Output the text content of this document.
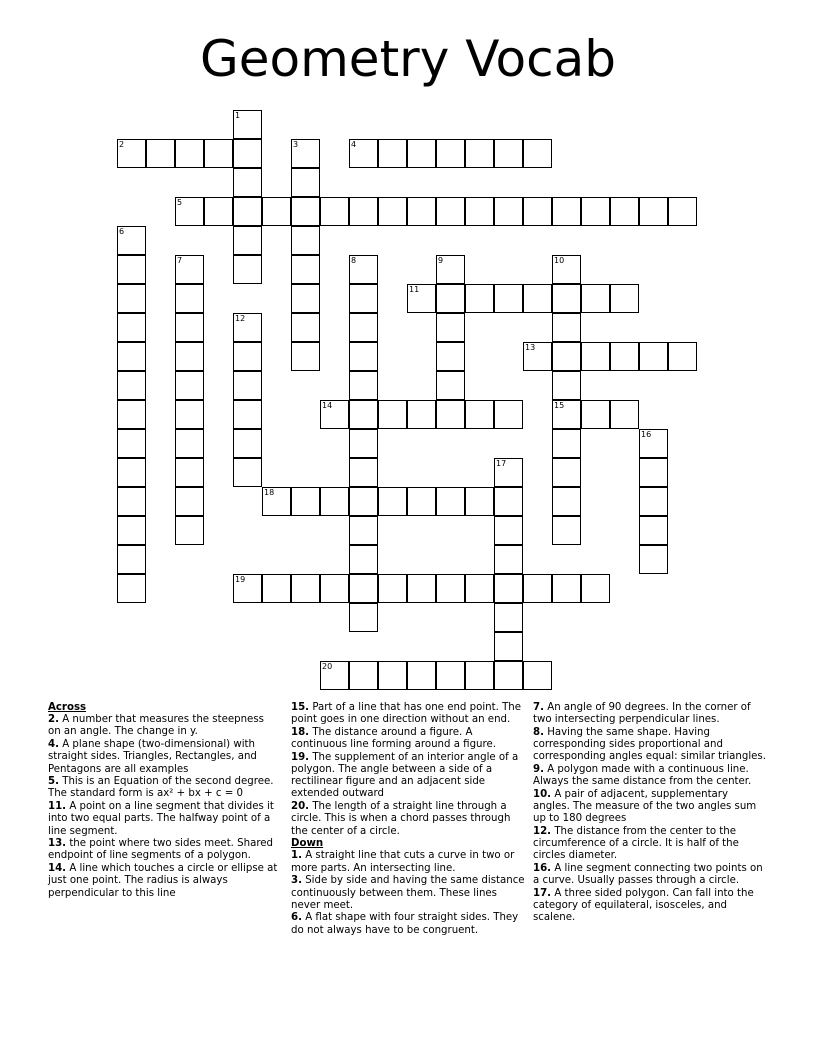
Geometry Vocab
1
2	3	4
5
6
7	8	9	10
15
11
12
13
14
16
17
18
19
20
Across
2. A number that measures the steepness on an angle. The change in y.
4. A plane shape (two-dimensional) with straight sides. Triangles, Rectangles, and Pentagons are all examples
5. This is an Equation of the second degree. The standard form is ax² + bx + c = 0
11. A point on a line segment that divides it into two equal parts. The halfway point of a line segment.
13. the point where two sides meet. Shared endpoint of line segments of a polygon.
14. A line which touches a circle or ellipse at just one point. The radius is always perpendicular to this line
15. Part of a line that has one end point. The point goes in one direction without an end.
18. The distance around a figure. A continuous line forming around a figure.
19. The supplement of an interior angle of a polygon. The angle between a side of a rectilinear figure and an adjacent side extended outward
20. The length of a straight line through a circle. This is when a chord passes through the center of a circle.
Down
1. A straight line that cuts a curve in two or more parts. An intersecting line.
3. Side by side and having the same distance continuously between them. These lines never meet.
6. A flat shape with four straight sides. They do not always have to be congruent.
7. An angle of 90 degrees. In the corner of two intersecting perpendicular lines.
8. Having the same shape. Having corresponding sides proportional and corresponding angles equal: similar triangles.
9. A polygon made with a continuous line. Always the same distance from the center.
10. A pair of adjacent, supplementary angles. The measure of the two angles sum up to 180 degrees
12. The distance from the center to the circumference of a circle. It is half of the circles diameter.
16. A line segment connecting two points on a curve. Usually passes through a circle.
17. A three sided polygon. Can fall into the category of equilateral, isosceles, and scalene.
